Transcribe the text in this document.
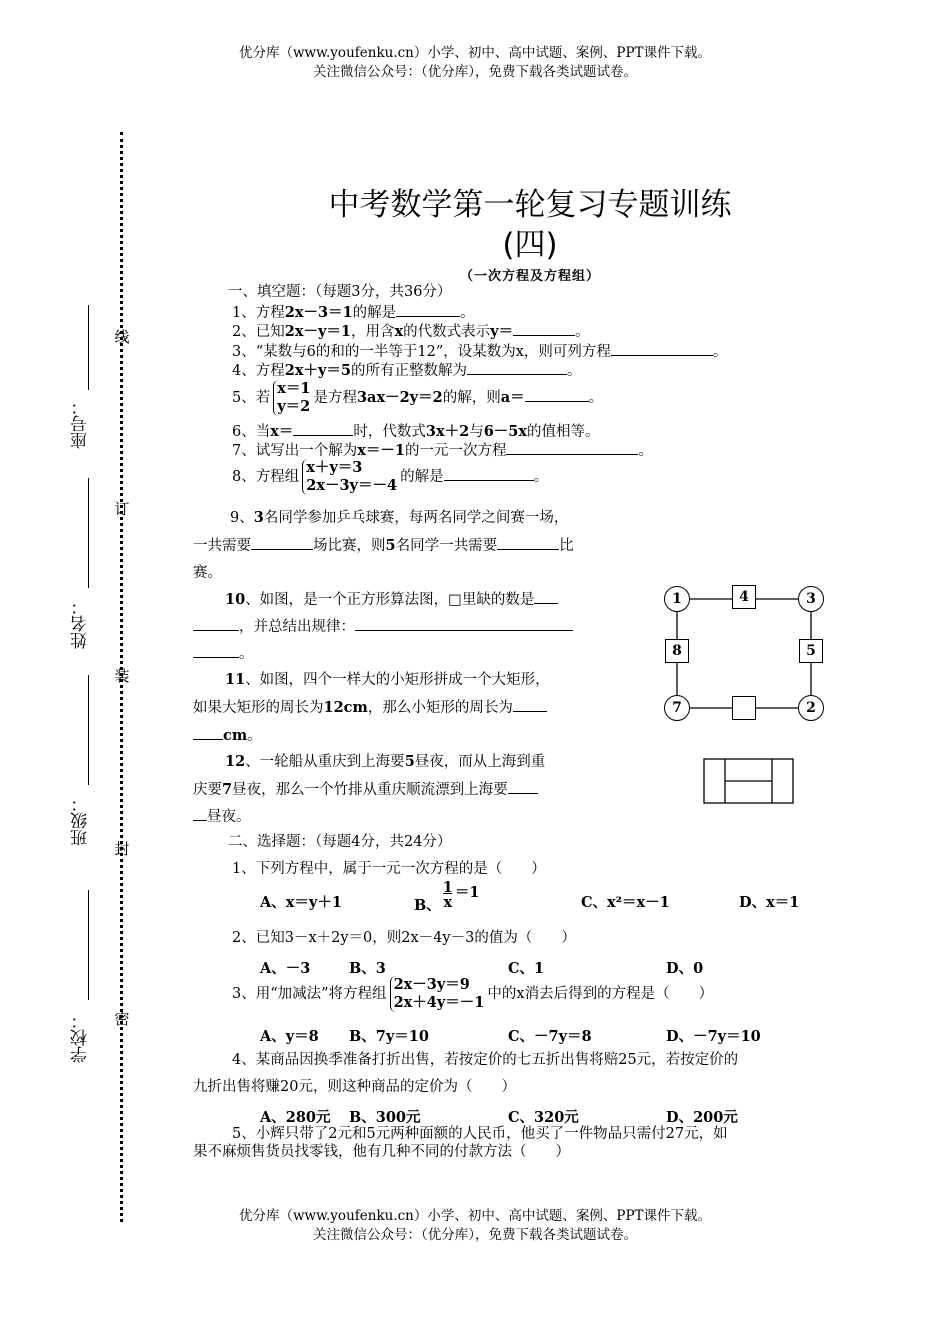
优分库（www.youfenku.cn）小学、初中、高中试题、案例、PPT课件下载。
关注微信公众号：（优分库），免费下载各类试题试卷。
学校：
班级：
姓名：
座号：
线
订
装
封
密
中考数学第一轮复习专题训练
(四)
（一次方程及方程组）
一、填空题：（每题3分，共36分）
1、方程2x－3＝1的解是	。
2、已知2x－y＝1，用含x的代数式表示y＝	。
3、“某数与6的和的一半等于12”，设某数为x，则可列方程	。
4、方程2x＋y＝5的所有正整数解为	。
5、若x＝1
y＝2 是方程3ax－2y＝2的解，则a＝	。
6、当x＝	时，代数式3x＋2与6－5x的值相等。
7、试写出一个解为x＝－1的一元一次方程	。
8、方程组x＋y＝3
2x－3y＝－4 的解是	。
9、3名同学参加乒乓球赛，每两名同学之间赛一场，
一共需要	场比赛，则5名同学一共需要	比
赛。
10、如图，是一个正方形算法图，□里缺的数是
，并总结出规律：
。
11、如图，四个一样大的小矩形拼成一个大矩形，
如果大矩形的周长为12cm，那么小矩形的周长为
cm。
12、一轮船从重庆到上海要5昼夜，而从上海到重
庆要7昼夜，那么一个竹排从重庆顺流漂到上海要
昼夜。
1	3
2
7
4
5
8
二、选择题：（每题4分，共24分）
1、下列方程中，属于一元一次方程的是（　　）
A、x＝y＋1	B、 $\frac{1}{x} =1$
C、x²＝x－1	D、x＝1
2、已知3－x＋2y＝0，则2x－4y－3的值为（　　）
A、－3	B、3	C、1	D、0
3、用“加减法”将方程组2x－3y＝9
2x＋4y＝－1 中的x消去后得到的方程是（　　）
A、y＝8 B、7y＝10	C、－7y＝8	D、－7y＝10
4、某商品因换季准备打折出售，若按定价的七五折出售将赔25元，若按定价的
九折出售将赚20元，则这种商品的定价为（　　）
A、280元 B、300元	C、320元	D、200元
5、小辉只带了2元和5元两种面额的人民币，他买了一件物品只需付27元，如
果不麻烦售货员找零钱，他有几种不同的付款方法（　　）
优分库（www.youfenku.cn）小学、初中、高中试题、案例、PPT课件下载。
关注微信公众号：（优分库），免费下载各类试题试卷。
